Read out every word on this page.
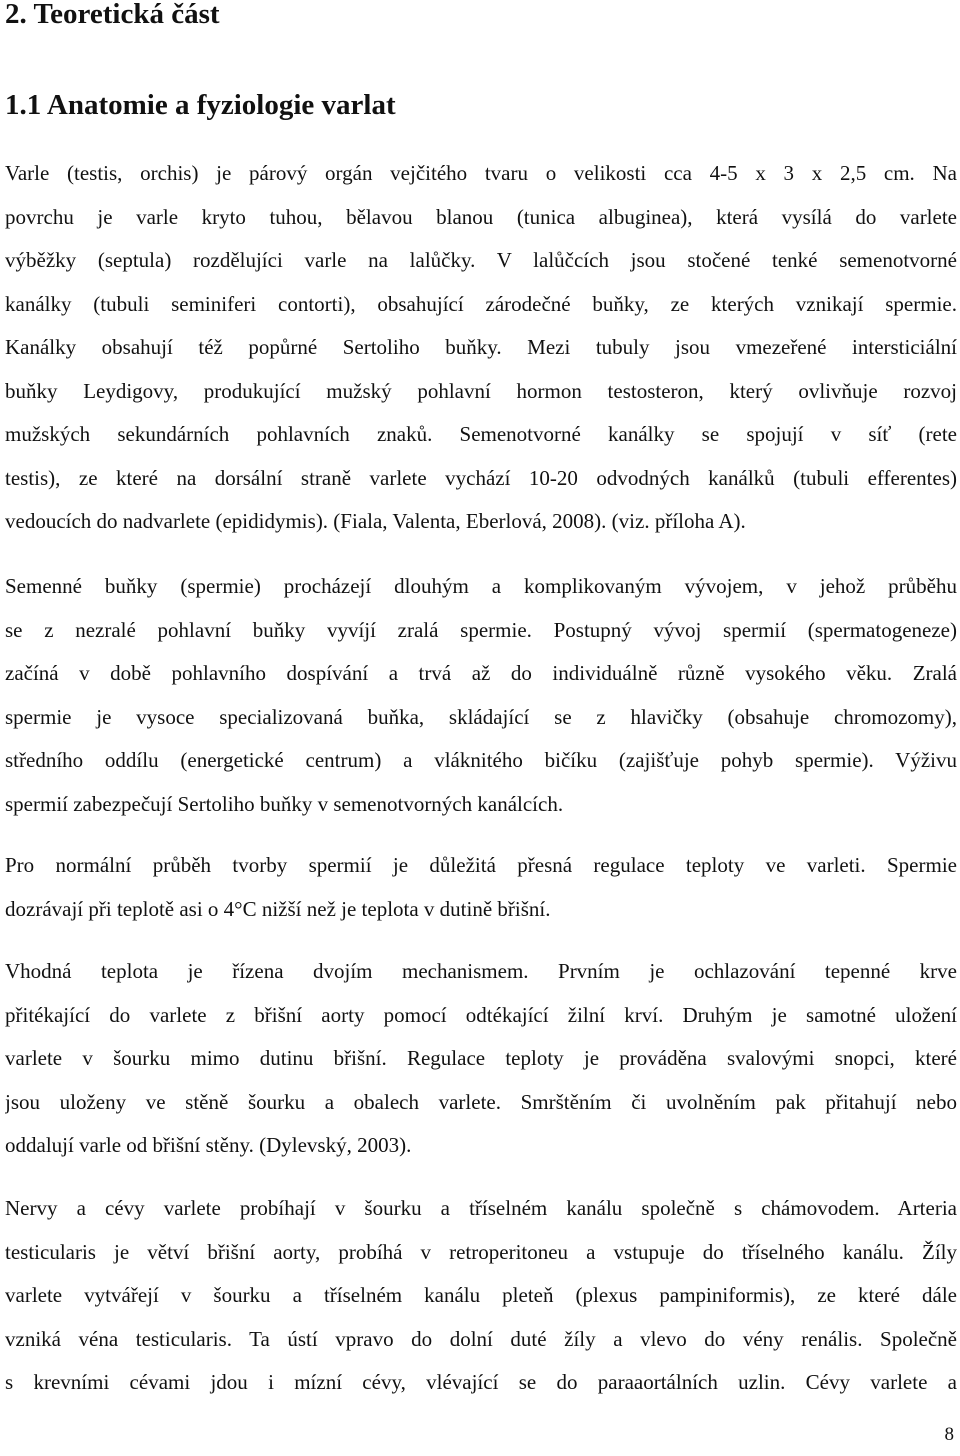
2. Teoretická část
1.1 Anatomie a fyziologie varlat
Varle (testis, orchis) je párový orgán vejčitého tvaru o velikosti cca 4-5 x 3 x 2,5 cm. Na
povrchu je varle kryto tuhou, bělavou blanou (tunica albuginea), která vysílá do varlete
výběžky (septula) rozdělujíci varle na lalůčky. V lalůčcích jsou stočené tenké semenotvorné
kanálky (tubuli seminiferi contorti), obsahující zárodečné buňky, ze kterých vznikají spermie.
Kanálky obsahují též popůrné Sertoliho buňky. Mezi tubuly jsou vmezeřené intersticiální
buňky Leydigovy, produkující mužský pohlavní hormon testosteron, který ovlivňuje rozvoj
mužských sekundárních pohlavních znaků. Semenotvorné kanálky se spojují v síť (rete
testis), ze které na dorsální straně varlete vychází 10-20 odvodných kanálků (tubuli efferentes)
vedoucích do nadvarlete (epididymis). (Fiala, Valenta, Eberlová, 2008). (viz. příloha A).
Semenné buňky (spermie) procházejí dlouhým a komplikovaným vývojem, v jehož průběhu
se z nezralé pohlavní buňky vyvíjí zralá spermie. Postupný vývoj spermií (spermatogeneze)
začíná v době pohlavního dospívání a trvá až do individuálně různě vysokého věku. Zralá
spermie je vysoce specializovaná buňka, skládající se z hlavičky (obsahuje chromozomy),
středního oddílu (energetické centrum) a vláknitého bičíku (zajišťuje pohyb spermie). Výživu
spermií zabezpečují Sertoliho buňky v semenotvorných kanálcích.
Pro normální průběh tvorby spermií je důležitá přesná regulace teploty ve varleti. Spermie
dozrávají při teplotě asi o 4°C nižší než je teplota v dutině břišní.
Vhodná teplota je řízena dvojím mechanismem. Prvním je ochlazování tepenné krve
přitékající do varlete z břišní aorty pomocí odtékající žilní krví. Druhým je samotné uložení
varlete v šourku mimo dutinu břišní. Regulace teploty je prováděna svalovými snopci, které
jsou uloženy ve stěně šourku a obalech varlete. Smrštěním či uvolněním pak přitahují nebo
oddalují varle od břišní stěny. (Dylevský, 2003).
Nervy a cévy varlete probíhají v šourku a tříselném kanálu společně s chámovodem. Arteria
testicularis je větví břišní aorty, probíhá v retroperitoneu a vstupuje do tříselného kanálu. Žíly
varlete vytvářejí v šourku a tříselném kanálu pleteň (plexus pampiniformis), ze které dále
vzniká véna testicularis. Ta ústí vpravo do dolní duté žíly a vlevo do vény renális. Společně
s krevními cévami jdou i mízní cévy, vlévající se do paraaortálních uzlin. Cévy varlete a
8
